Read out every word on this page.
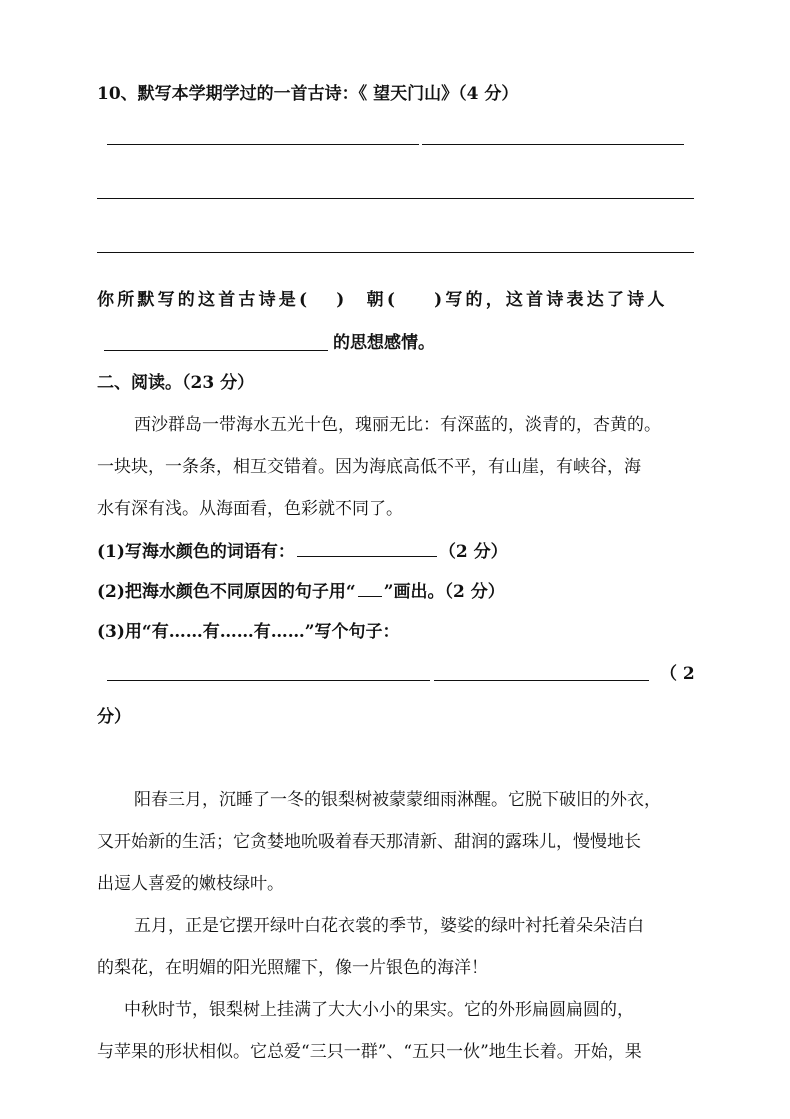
10、默写本学期学过的一首古诗：《 望天门山》（4 分）
你所默写的这首古诗是( ) 朝( )写的，这首诗表达了诗人
的思想感情。
二、阅读。（23 分）
西沙群岛一带海水五光十色，瑰丽无比：有深蓝的，淡青的，杏黄的。
一块块，一条条，相互交错着。因为海底高低不平，有山崖，有峡谷，海
水有深有浅。从海面看，色彩就不同了。
(1)写海水颜色的词语有：	（2 分）
(2)把海水颜色不同原因的句子用“ ”画出。（2 分）
(3)用“有……有……有……”写个句子：
（ 2
分）
阳春三月，沉睡了一冬的银梨树被蒙蒙细雨淋醒。它脱下破旧的外衣，
又开始新的生活；它贪婪地吮吸着春天那清新、甜润的露珠儿，慢慢地长
出逗人喜爱的嫩枝绿叶。
五月，正是它摆开绿叶白花衣裳的季节，婆娑的绿叶衬托着朵朵洁白
的梨花，在明媚的阳光照耀下，像一片银色的海洋！
中秋时节，银梨树上挂满了大大小小的果实。它的外形扁圆扁圆的，
与苹果的形状相似。它总爱“三只一群”、“五只一伙”地生长着。开始，果
